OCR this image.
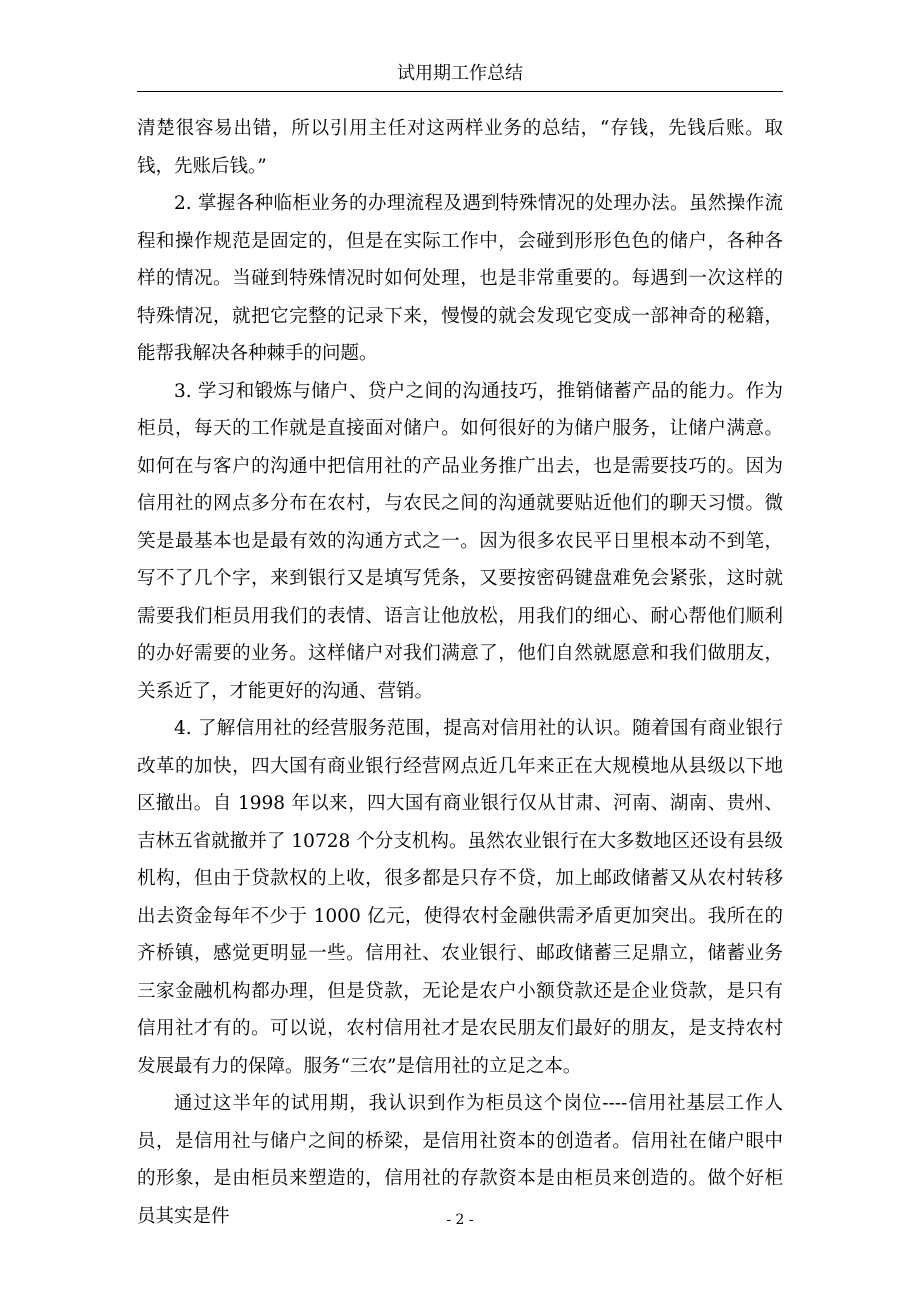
试用期工作总结

清楚很容易出错，所以引用主任对这两样业务的总结，“存钱，先钱后账。取钱，先账后钱。”

2. 掌握各种临柜业务的办理流程及遇到特殊情况的处理办法。虽然操作流程和操作规范是固定的，但是在实际工作中，会碰到形形色色的储户，各种各样的情况。当碰到特殊情况时如何处理，也是非常重要的。每遇到一次这样的特殊情况，就把它完整的记录下来，慢慢的就会发现它变成一部神奇的秘籍，能帮我解决各种棘手的问题。

3. 学习和锻炼与储户、贷户之间的沟通技巧，推销储蓄产品的能力。作为柜员，每天的工作就是直接面对储户。如何很好的为储户服务，让储户满意。如何在与客户的沟通中把信用社的产品业务推广出去，也是需要技巧的。因为信用社的网点多分布在农村，与农民之间的沟通就要贴近他们的聊天习惯。微笑是最基本也是最有效的沟通方式之一。因为很多农民平日里根本动不到笔，写不了几个字，来到银行又是填写凭条，又要按密码键盘难免会紧张，这时就需要我们柜员用我们的表情、语言让他放松，用我们的细心、耐心帮他们顺利的办好需要的业务。这样储户对我们满意了，他们自然就愿意和我们做朋友，关系近了，才能更好的沟通、营销。

4. 了解信用社的经营服务范围，提高对信用社的认识。随着国有商业银行改革的加快，四大国有商业银行经营网点近几年来正在大规模地从县级以下地区撤出。自 1998 年以来，四大国有商业银行仅从甘肃、河南、湖南、贵州、吉林五省就撤并了 10728 个分支机构。虽然农业银行在大多数地区还设有县级机构，但由于贷款权的上收，很多都是只存不贷，加上邮政储蓄又从农村转移出去资金每年不少于 1000 亿元，使得农村金融供需矛盾更加突出。我所在的齐桥镇，感觉更明显一些。信用社、农业银行、邮政储蓄三足鼎立，储蓄业务三家金融机构都办理，但是贷款，无论是农户小额贷款还是企业贷款，是只有信用社才有的。可以说，农村信用社才是农民朋友们最好的朋友，是支持农村发展最有力的保障。服务“三农”是信用社的立足之本。

通过这半年的试用期，我认识到作为柜员这个岗位----信用社基层工作人员，是信用社与储户之间的桥梁，是信用社资本的创造者。信用社在储户眼中的形象，是由柜员来塑造的，信用社的存款资本是由柜员来创造的。做个好柜员其实是件	- 2 -
